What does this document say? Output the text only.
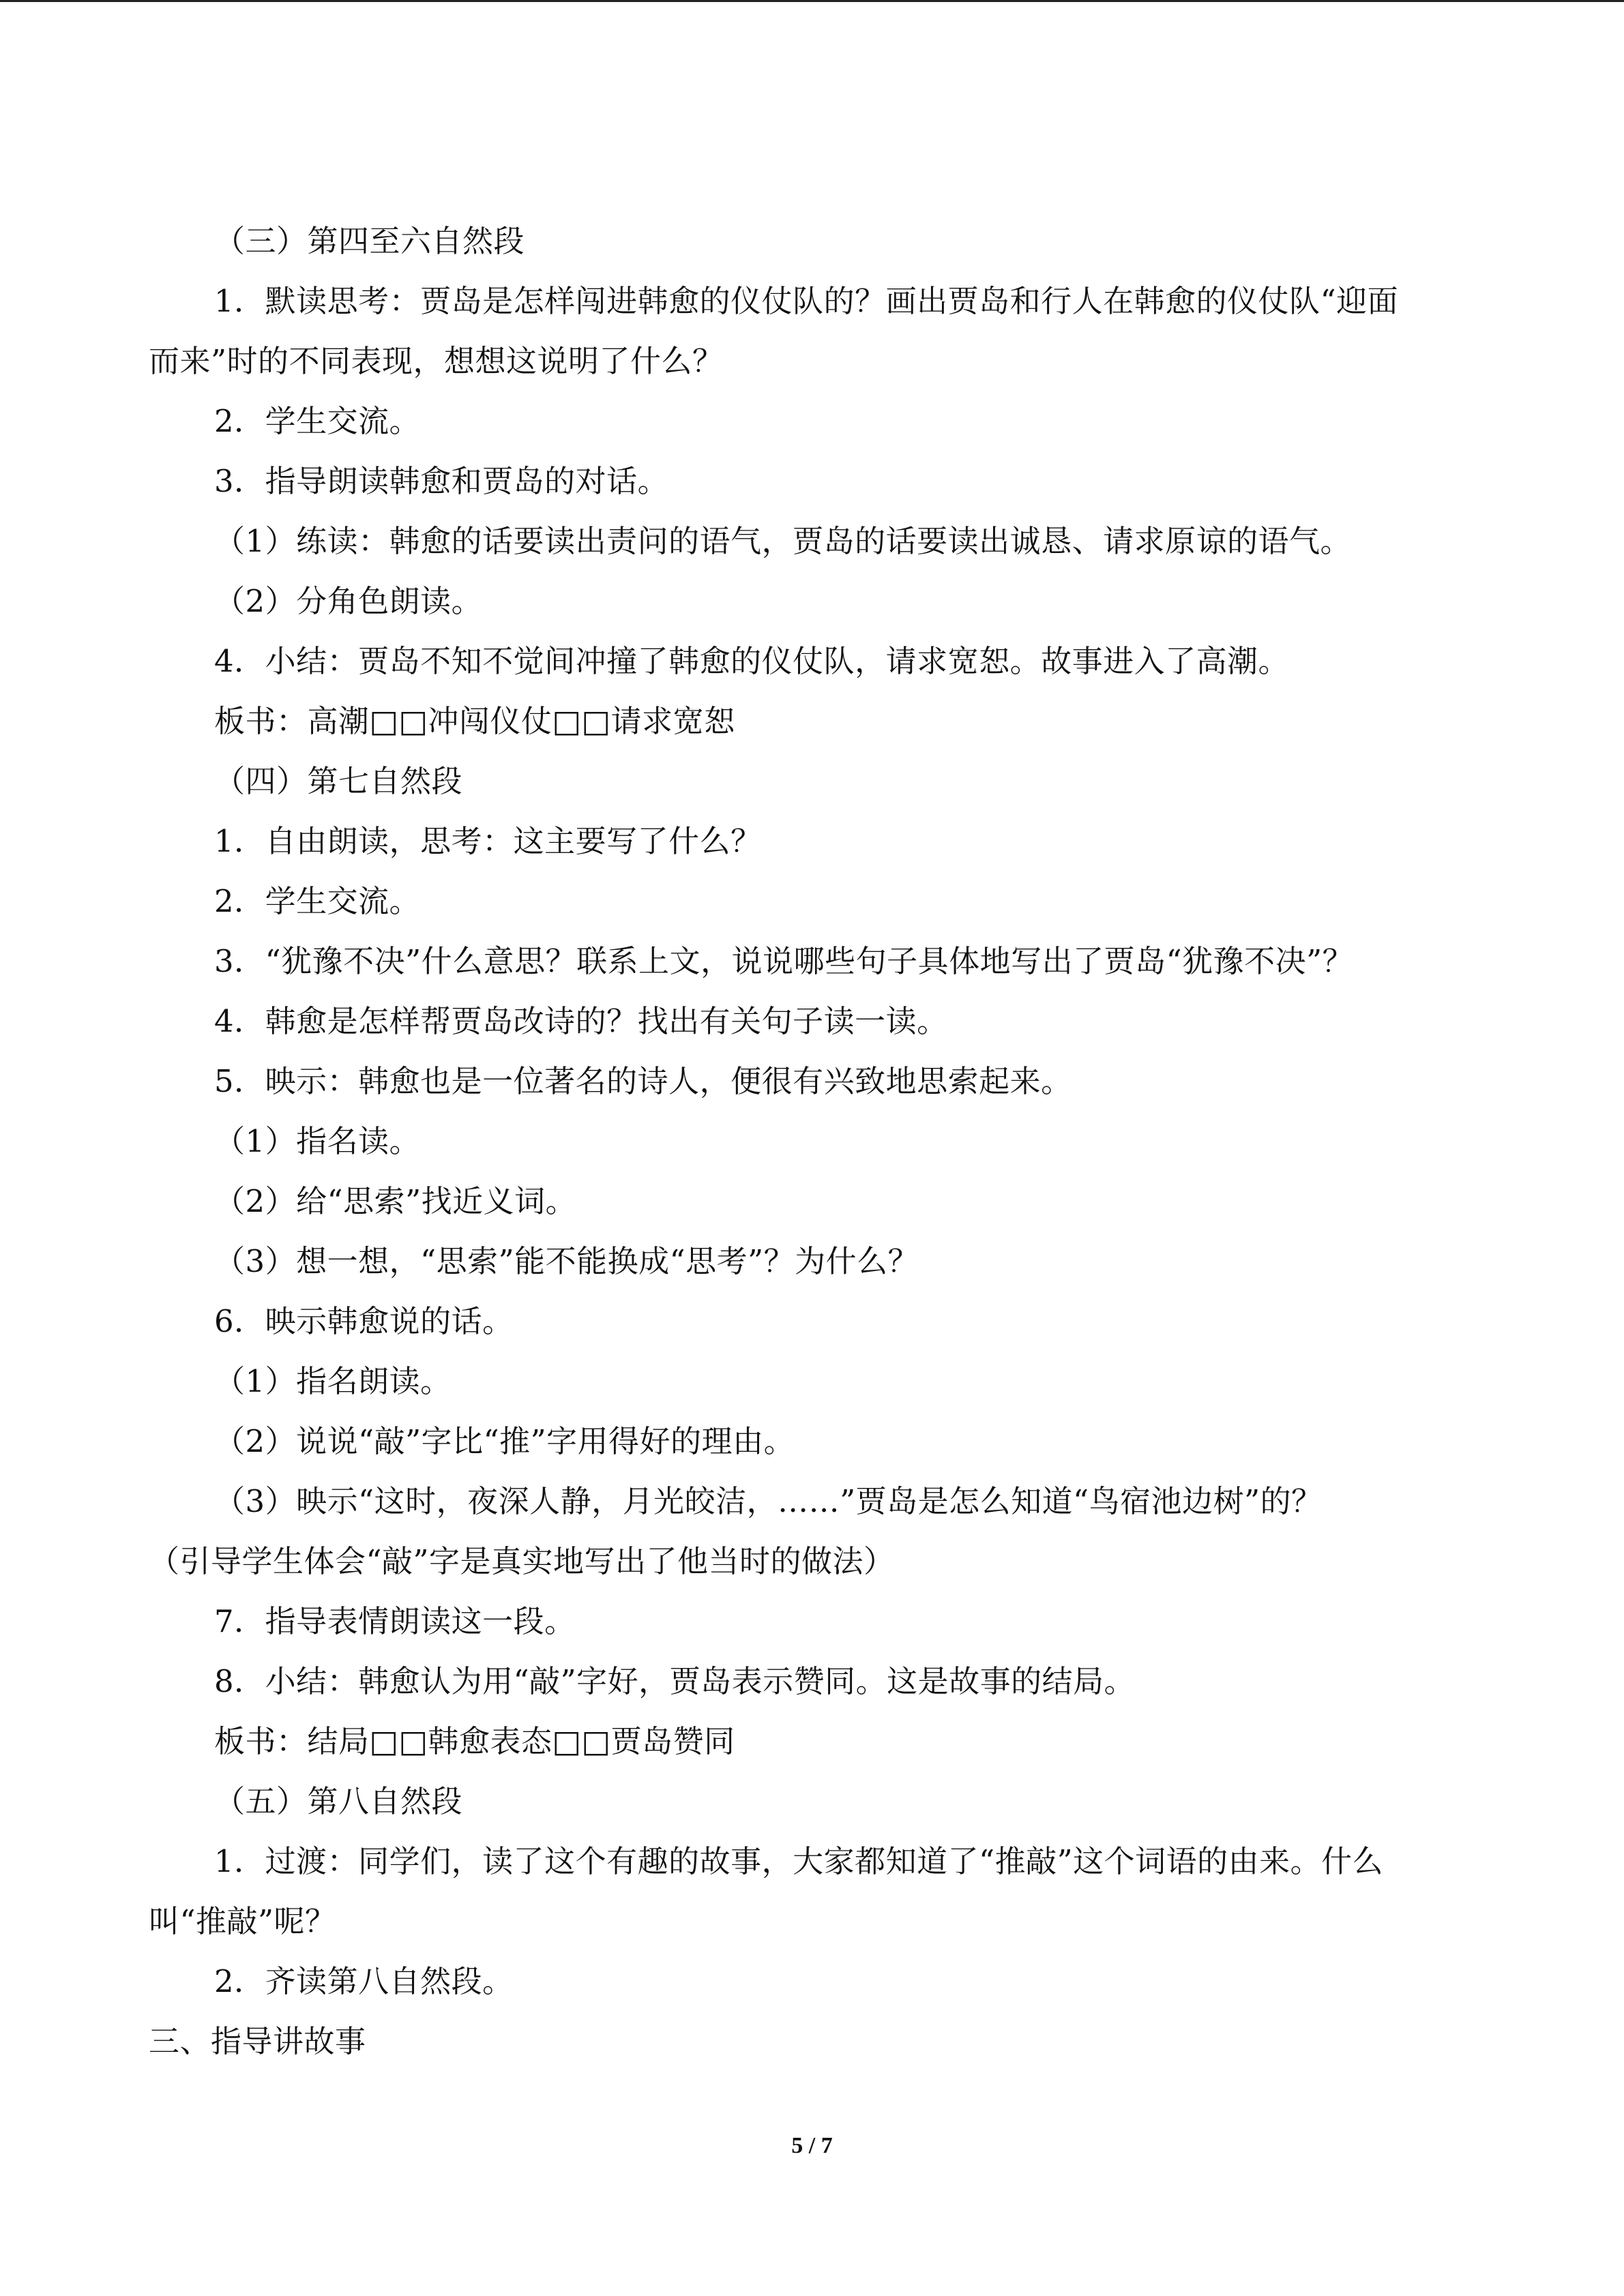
（三）第四至六自然段
1．默读思考：贾岛是怎样闯进韩愈的仪仗队的？画出贾岛和行人在韩愈的仪仗队“迎面
而来”时的不同表现，想想这说明了什么？
2．学生交流。
3．指导朗读韩愈和贾岛的对话。
（1）练读：韩愈的话要读出责问的语气，贾岛的话要读出诚恳、请求原谅的语气。
（2）分角色朗读。
4．小结：贾岛不知不觉间冲撞了韩愈的仪仗队，请求宽恕。故事进入了高潮。
板书：高潮□□冲闯仪仗□□请求宽恕
（四）第七自然段
1．自由朗读，思考：这主要写了什么？
2．学生交流。
3．“犹豫不决”什么意思？联系上文，说说哪些句子具体地写出了贾岛“犹豫不决”？
4．韩愈是怎样帮贾岛改诗的？找出有关句子读一读。
5．映示：韩愈也是一位著名的诗人，便很有兴致地思索起来。
（1）指名读。
（2）给“思索”找近义词。
（3）想一想，“思索”能不能换成“思考”？为什么？
6．映示韩愈说的话。
（1）指名朗读。
（2）说说“敲”字比“推”字用得好的理由。
（3）映示“这时，夜深人静，月光皎洁，……”贾岛是怎么知道“鸟宿池边树”的？
（引导学生体会“敲”字是真实地写出了他当时的做法）
7．指导表情朗读这一段。
8．小结：韩愈认为用“敲”字好，贾岛表示赞同。这是故事的结局。
板书：结局□□韩愈表态□□贾岛赞同
（五）第八自然段
1．过渡：同学们，读了这个有趣的故事，大家都知道了“推敲”这个词语的由来。什么
叫“推敲”呢？
2．齐读第八自然段。
三、指导讲故事
5 / 7
